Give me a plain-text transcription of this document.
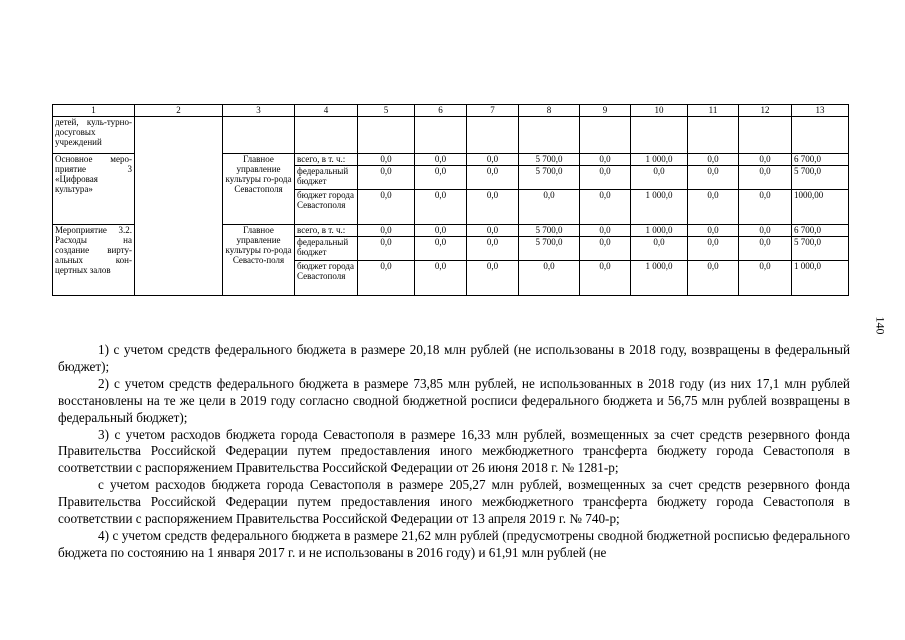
1	2	3	4	5	6	7	8	9	10	11	12	13
детей, куль-турно-досуговых учреждений												
Основное меро-приятие 3 «Цифровая культура»		Главное управление культуры го-рода Севастополя	всего, в т. ч.:	0,0	0,0	0,0	5 700,0	0,0	1 000,0	0,0	0,0	6 700,0
			федеральный бюджет	0,0	0,0	0,0	5 700,0	0,0	0,0	0,0	0,0	5 700,0
			бюджет города Севастополя	0,0	0,0	0,0	0,0	0,0	1 000,0	0,0	0,0	1000,00
Мероприятие 3.2. Расходы на создание вирту-альных кон-цертных залов		Главное управление культуры го-рода Севасто-поля	всего, в т. ч.:	0,0	0,0	0,0	5 700,0	0,0	1 000,0	0,0	0,0	6 700,0
			федеральный бюджет	0,0	0,0	0,0	5 700,0	0,0	0,0	0,0	0,0	5 700,0
			бюджет города Севастополя	0,0	0,0	0,0	0,0	0,0	1 000,0	0,0	0,0	1 000,0
140

1) с учетом средств федерального бюджета в размере 20,18 млн рублей (не использованы в 2018 году, возвращены в федеральный бюджет);

2) с учетом средств федерального бюджета в размере 73,85 млн рублей, не использованных в 2018 году (из них 17,1 млн рублей восстановлены на те же цели в 2019 году согласно сводной бюджетной росписи федерального бюджета и 56,75 млн рублей возвращены в федеральный бюджет);

3) с учетом расходов бюджета города Севастополя в размере 16,33 млн рублей, возмещенных за счет средств резервного фонда Правительства Российской Федерации путем предоставления иного межбюджетного трансферта бюджету города Севастополя в соответствии с распоряжением Правительства Российской Федерации от 26 июня 2018 г. № 1281-р;

с учетом расходов бюджета города Севастополя в размере 205,27 млн рублей, возмещенных за счет средств резервного фонда Правительства Российской Федерации путем предоставления иного межбюджетного трансферта бюджету города Севастополя в соответствии с распоряжением Правительства Российской Федерации от 13 апреля 2019 г. № 740-р;

4) с учетом средств федерального бюджета в размере 21,62 млн рублей (предусмотрены сводной бюджетной росписью федерального бюджета по состоянию на 1 января 2017 г. и не использованы в 2016 году) и 61,91 млн рублей (не
